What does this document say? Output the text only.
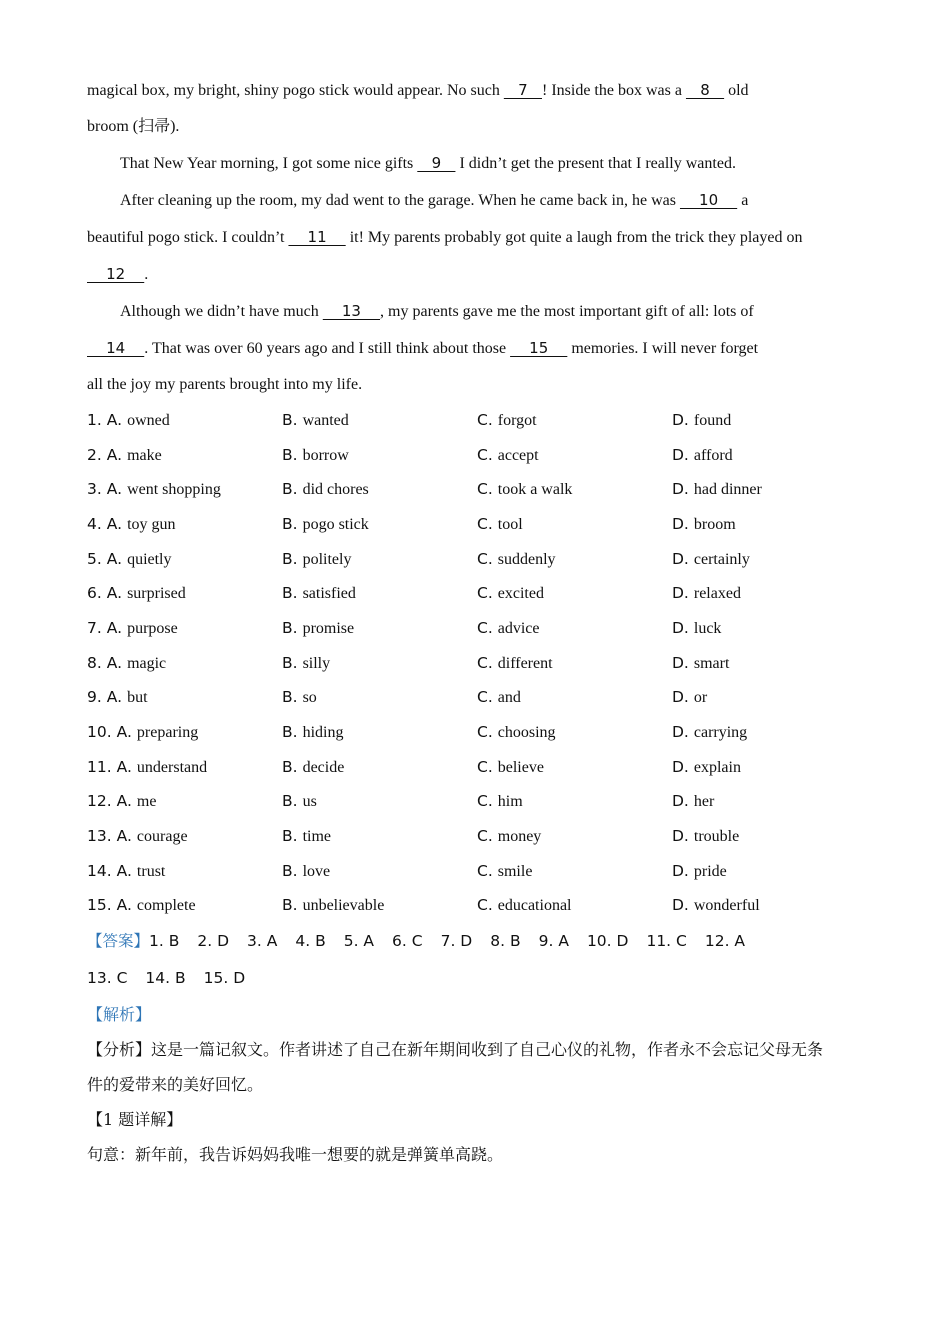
magical box, my bright, shiny pogo stick would appear. No such    7   ! Inside the box was a    8    old

broom (扫帚).

That New Year morning, I got some nice gifts    9    I didn’t get the present that I really wanted.

After cleaning up the room, my dad went to the garage. When he came back in, he was     10     a

beautiful pogo stick. I couldn’t     11     it! My parents probably got quite a laugh from the trick they played on

12    .

Although we didn’t have much     13    , my parents gave me the most important gift of all: lots of

14    . That was over 60 years ago and I still think about those     15     memories. I will never forget

all the joy my parents brought into my life.

1. A. owned	B. wanted	C. forgot	D. found
2. A. make	B. borrow	C. accept	D. afford
3. A. went shopping	B. did chores	C. took a walk	D. had dinner
4. A. toy gun	B. pogo stick	C. tool	D. broom
5. A. quietly	B. politely	C. suddenly	D. certainly
6. A. surprised	B. satisfied	C. excited	D. relaxed
7. A. purpose	B. promise	C. advice	D. luck
8. A. magic	B. silly	C. different	D. smart
9. A. but	B. so	C. and	D. or
10. A. preparing	B. hiding	C. choosing	D. carrying
11. A. understand	B. decide	C. believe	D. explain
12. A. me	B. us	C. him	D. her
13. A. courage	B. time	C. money	D. trouble
14. A. trust	B. love	C. smile	D. pride
15. A. complete	B. unbelievable	C. educational	D. wonderful
【答案】1. B 2. D 3. A 4. B 5. A 6. C 7. D 8. B 9. A 10. D 11. C 12. A
13. C 14. B 15. D

【解析】

【分析】这是一篇记叙文。作者讲述了自己在新年期间收到了自己心仪的礼物，作者永不会忘记父母无条

件的爱带来的美好回忆。

【1 题详解】

句意：新年前，我告诉妈妈我唯一想要的就是弹簧单高跷。
